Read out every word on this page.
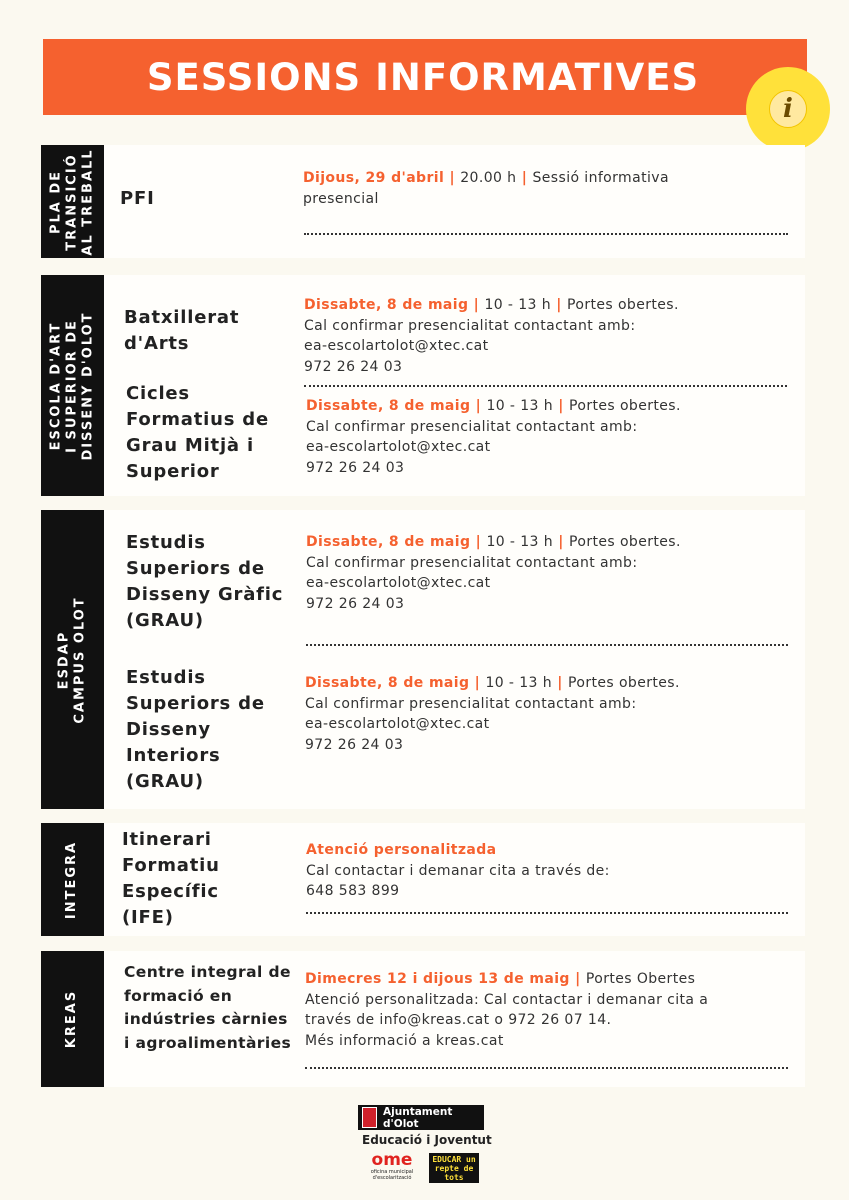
SESSIONS INFORMATIVES
i
PLA DE TRANSICIÓ AL TREBALL PFI
Dijous, 29 d'abril | 20.00 h | Sessió informativa presencial
ESCOLA D'ART I SUPERIOR DE DISSENY D'OLOT Batxillerat d'Arts
Dissabte, 8 de maig | 10 - 13 h | Portes obertes.
Cal confirmar presencialitat contactant amb:
ea-escolartolot@xtec.cat
972 26 24 03
Cicles Formatius de Grau Mitjà i Superior
Dissabte, 8 de maig | 10 - 13 h | Portes obertes.
Cal confirmar presencialitat contactant amb:
ea-escolartolot@xtec.cat
972 26 24 03
ESDAP CAMPUS OLOT
Estudis Superiors de Disseny Gràfic (GRAU)
Dissabte, 8 de maig | 10 - 13 h | Portes obertes.
Cal confirmar presencialitat contactant amb:
ea-escolartolot@xtec.cat
972 26 24 03
Estudis Superiors de Disseny Interiors (GRAU)
Dissabte, 8 de maig | 10 - 13 h | Portes obertes.
Cal confirmar presencialitat contactant amb:
ea-escolartolot@xtec.cat
972 26 24 03
INTEGRA
Itinerari Formatiu Específic (IFE)
Atenció personalitzada
Cal contactar i demanar cita a través de:
648 583 899
KREAS
Centre integral de formació en indústries càrnies i agroalimentàries
Dimecres 12 i dijous 13 de maig | Portes Obertes
Atenció personalitzada: Cal contactar i demanar cita a través de info@kreas.cat o 972 26 07 14.
Més informació a kreas.cat
Ajuntament d'Olot
Educació i Joventut
ome
oficina municipal d'escolarització
EDUCAR un repte de tots
